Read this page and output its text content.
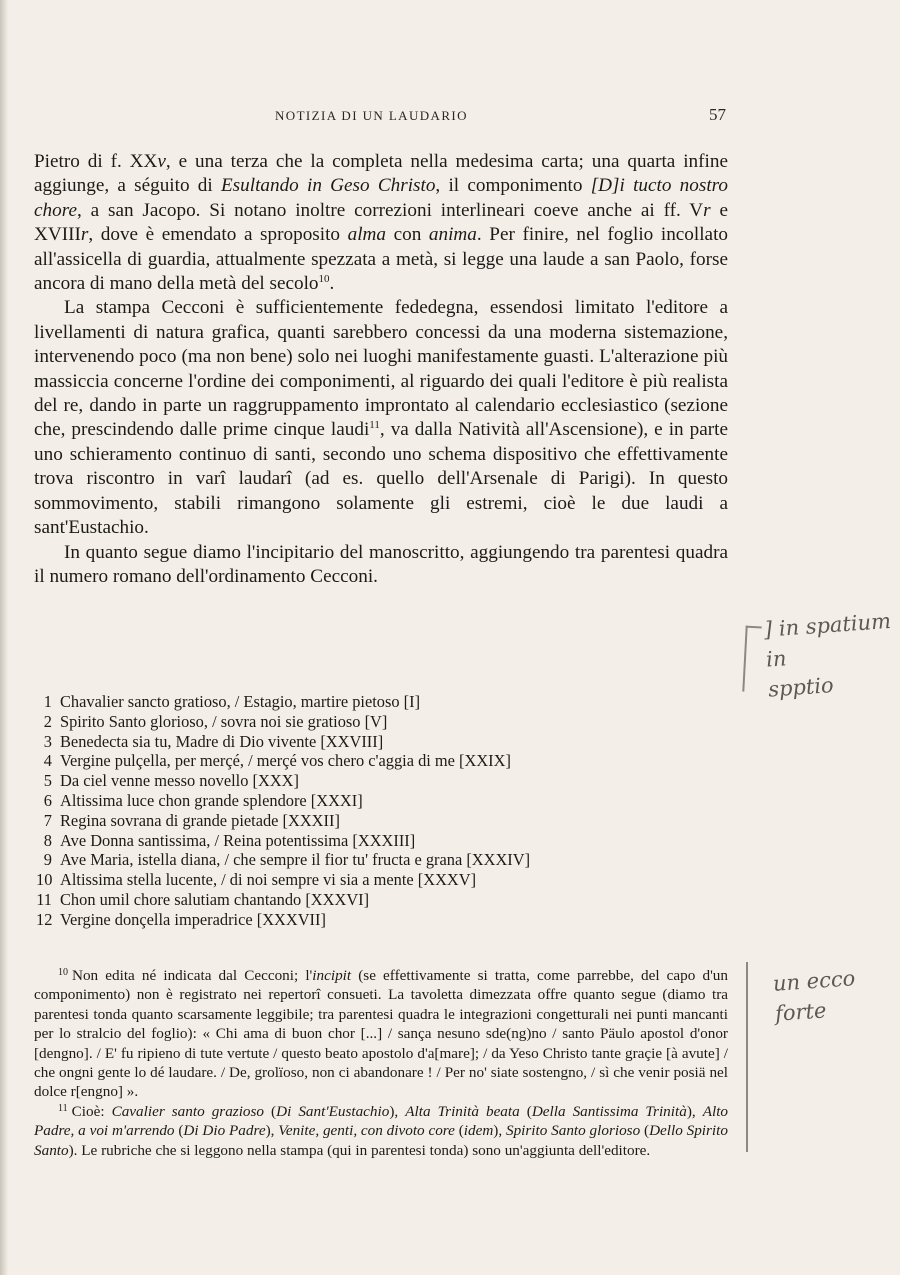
NOTIZIA DI UN LAUDARIO	57

Pietro di f. XXv, e una terza che la completa nella medesima carta; una quarta infine aggiunge, a séguito di Esultando in Geso Christo, il componimento [D]i tucto nostro chore, a san Jacopo. Si notano inoltre correzioni interlineari coeve anche ai ff. Vr e XVIIIr, dove è emendato a sproposito alma con anima. Per finire, nel foglio incollato all'assicella di guardia, attualmente spezzata a metà, si legge una laude a san Paolo, forse ancora di mano della metà del secolo$^{10}$.

La stampa Cecconi è sufficientemente fededegna, essendosi limitato l'editore a livellamenti di natura grafica, quanti sarebbero concessi da una moderna sistemazione, intervenendo poco (ma non bene) solo nei luoghi manifestamente guasti. L'alterazione più massiccia concerne l'ordine dei componimenti, al riguardo dei quali l'editore è più realista del re, dando in parte un raggruppamento improntato al calendario ecclesiastico (sezione che, prescindendo dalle prime cinque laudi$^{11}$, va dalla Natività all'Ascensione), e in parte uno schieramento continuo di santi, secondo uno schema dispositivo che effettivamente trova riscontro in varî laudarî (ad es. quello dell'Arsenale di Parigi). In questo sommovimento, stabili rimangono solamente gli estremi, cioè le due laudi a sant'Eustachio.

In quanto segue diamo l'incipitario del manoscritto, aggiungendo tra parentesi quadra il numero romano dell'ordinamento Cecconi.

1 Chavalier sancto gratioso, / Estagio, martire pietoso [I]
2 Spirito Santo glorioso, / sovra noi sie gratioso [V]
3 Benedecta sia tu, Madre di Dio vivente [XXVIII]
4 Vergine pulçella, per merçé, / merçé vos chero c'aggia di me [XXIX]
5 Da ciel venne messo novello [XXX]
6 Altissima luce chon grande splendore [XXXI]
7 Regina sovrana di grande pietade [XXXII]
8 Ave Donna santissima, / Reina potentissima [XXXIII]
9 Ave Maria, istella diana, / che sempre il fior tu' fructa e grana [XXXIV]
10 Altissima stella lucente, / di noi sempre vi sia a mente [XXXV]
11 Chon umil chore salutiam chantando [XXXVI]
12 Vergine donçella imperadrice [XXXVII]

$^{10}$ Non edita né indicata dal Cecconi; l'incipit (se effettivamente si tratta, come parrebbe, del capo d'un componimento) non è registrato nei repertorî consueti. La tavoletta dimezzata offre quanto segue (diamo tra parentesi tonda quanto scarsamente leggibile; tra parentesi quadra le integrazioni congetturali nei punti mancanti per lo stralcio del foglio): « Chi ama di buon chor [...] / sança nesuno sde(ng)no / santo Päulo apostol d'onor [dengno]. / E' fu ripieno di tute vertute / questo beato apostolo d'a[mare]; / da Yeso Christo tante graçie [à avute] / che ongni gente lo dé laudare. / De, grolïoso, non ci abandonare ! / Per no' siate sostengno, / sì che venir posiä nel dolce r[engno] ».

$^{11}$ Cioè: Cavalier santo grazioso (Di Sant'Eustachio), Alta Trinità beata (Della Santissima Trinità), Alto Padre, a voi m'arrendo (Di Dio Padre), Venite, genti, con divoto core (idem), Spirito Santo glorioso (Dello Spirito Santo). Le rubriche che si leggono nella stampa (qui in parentesi tonda) sono un'aggiunta dell'editore.

] in spatium in
spptio
un ecco
forte
